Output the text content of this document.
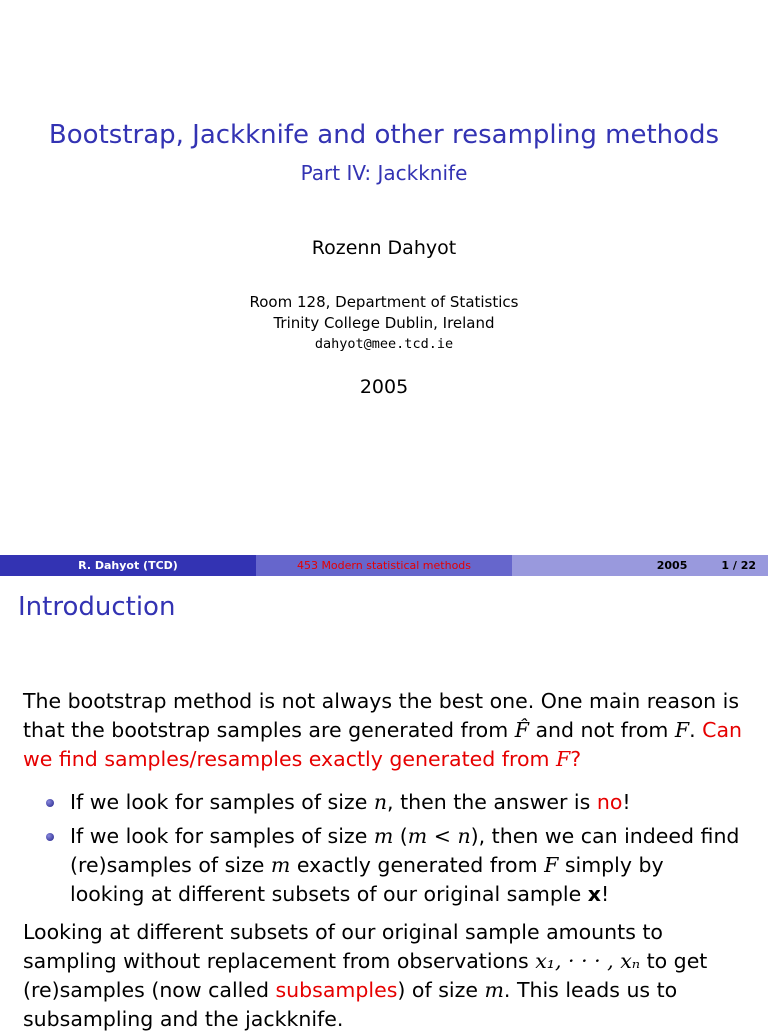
Bootstrap, Jackknife and other resampling methods
Part IV: Jackknife
Rozenn Dahyot
Room 128, Department of Statistics
Trinity College Dublin, Ireland
dahyot@mee.tcd.ie
2005
R. Dahyot (TCD)	453 Modern statistical methods	2005	1 / 22
Introduction
The bootstrap method is not always the best one. One main reason is that the bootstrap samples are generated from F̂ and not from F. Can we find samples/resamples exactly generated from F?
If we look for samples of size n, then the answer is no!
If we look for samples of size m (m < n), then we can indeed find (re)samples of size m exactly generated from F simply by looking at different subsets of our original sample x!
Looking at different subsets of our original sample amounts to sampling without replacement from observations x₁, · · · , xₙ to get (re)samples (now called subsamples) of size m. This leads us to subsampling and the jackknife.
